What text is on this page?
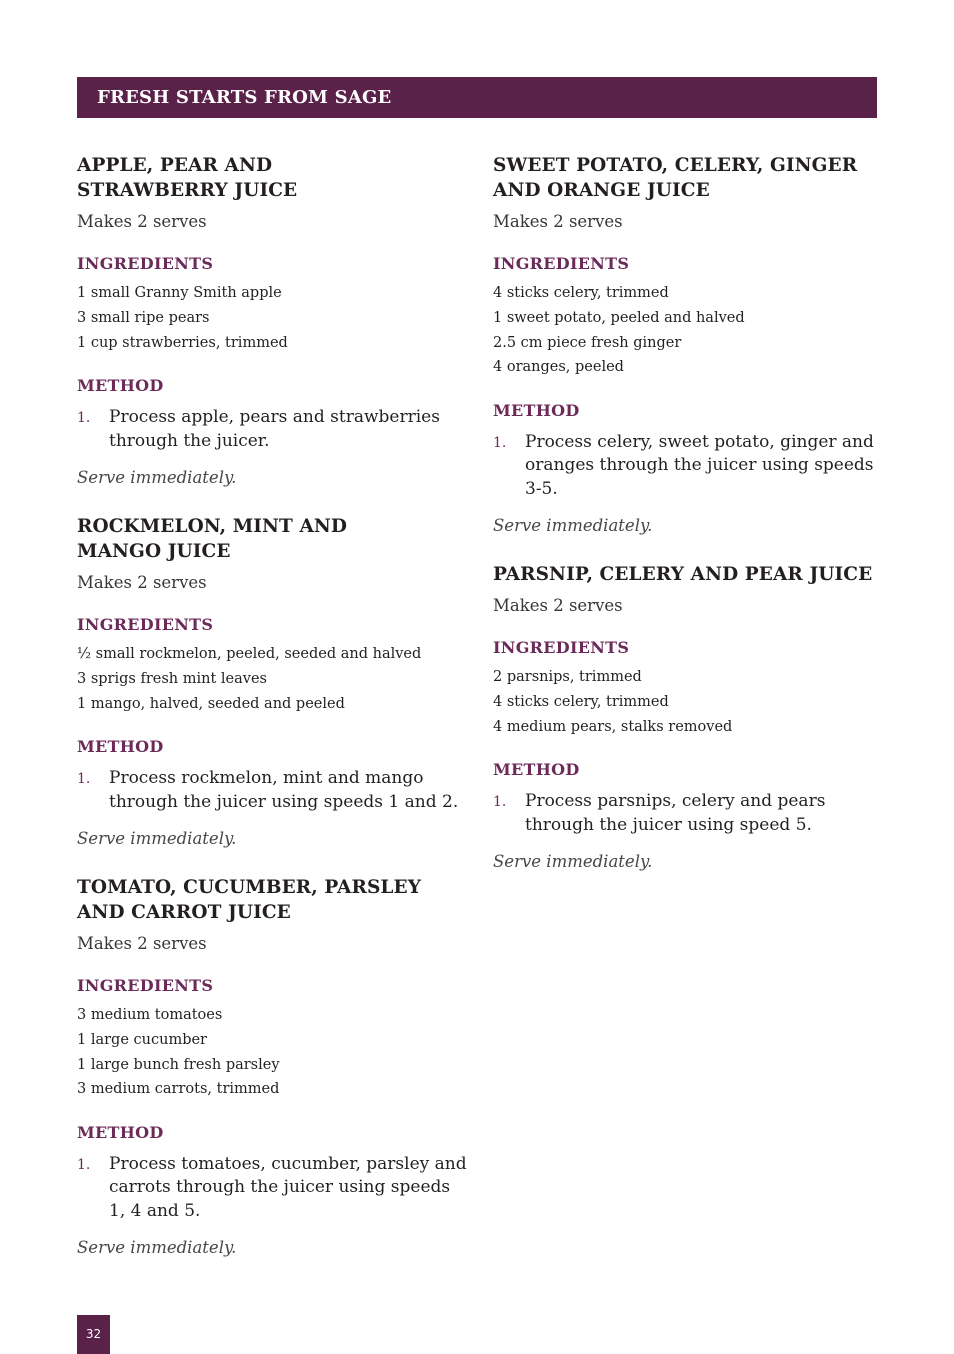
FRESH STARTS FROM SAGE
APPLE, PEAR AND
STRAWBERRY JUICE

Makes 2 serves

INGREDIENTS
1 small Granny Smith apple
3 small ripe pears
1 cup strawberries, trimmed
METHOD
1. Process apple, pears and strawberries through the juicer.

Serve immediately.

ROCKMELON, MINT AND
MANGO JUICE

Makes 2 serves

INGREDIENTS
½ small rockmelon, peeled, seeded and halved
3 sprigs fresh mint leaves
1 mango, halved, seeded and peeled
METHOD
1. Process rockmelon, mint and mango through the juicer using speeds 1 and 2.

Serve immediately.

TOMATO, CUCUMBER, PARSLEY
AND CARROT JUICE

Makes 2 serves

INGREDIENTS
3 medium tomatoes
1 large cucumber
1 large bunch fresh parsley
3 medium carrots, trimmed
METHOD
1. Process tomatoes, cucumber, parsley and carrots through the juicer using speeds 1, 4 and 5.

Serve immediately.

SWEET POTATO, CELERY, GINGER
AND ORANGE JUICE

Makes 2 serves

INGREDIENTS
4 sticks celery, trimmed
1 sweet potato, peeled and halved
2.5 cm piece fresh ginger
4 oranges, peeled
METHOD
1. Process celery, sweet potato, ginger and oranges through the juicer using speeds 3-5.

Serve immediately.

PARSNIP, CELERY AND PEAR JUICE

Makes 2 serves

INGREDIENTS
2 parsnips, trimmed
4 sticks celery, trimmed
4 medium pears, stalks removed
METHOD
1. Process parsnips, celery and pears through the juicer using speed 5.

Serve immediately.

32
